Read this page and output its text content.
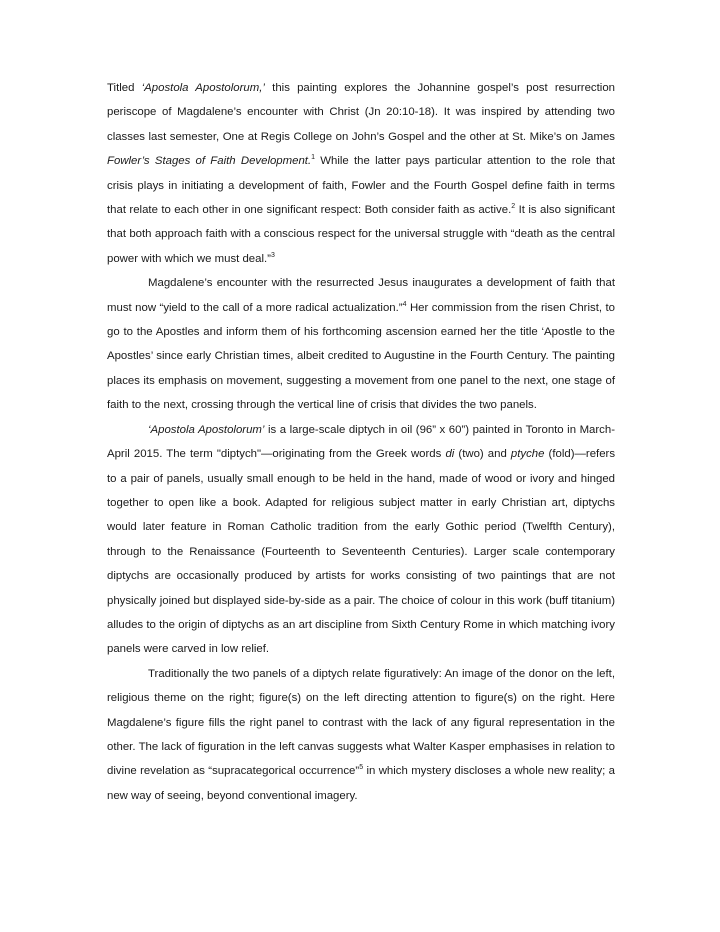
Titled ‘Apostola Apostolorum,’ this painting explores the Johannine gospel’s post resurrection periscope of Magdalene’s encounter with Christ (Jn 20:10-18). It was inspired by attending two classes last semester, One at Regis College on John’s Gospel and the other at St. Mike’s on James Fowler’s Stages of Faith Development.$^1$ While the latter pays particular attention to the role that crisis plays in initiating a development of faith, Fowler and the Fourth Gospel define faith in terms that relate to each other in one significant respect: Both consider faith as active.$^2$ It is also significant that both approach faith with a conscious respect for the universal struggle with “death as the central power with which we must deal.”$^3$

Magdalene’s encounter with the resurrected Jesus inaugurates a development of faith that must now “yield to the call of a more radical actualization.”$^4$ Her commission from the risen Christ, to go to the Apostles and inform them of his forthcoming ascension earned her the title ‘Apostle to the Apostles’ since early Christian times, albeit credited to Augustine in the Fourth Century. The painting places its emphasis on movement, suggesting a movement from one panel to the next, one stage of faith to the next, crossing through the vertical line of crisis that divides the two panels.

‘Apostola Apostolorum’ is a large-scale diptych in oil (96” x 60”) painted in Toronto in March-April 2015. The term "diptych"—originating from the Greek words di (two) and ptyche (fold)—refers to a pair of panels, usually small enough to be held in the hand, made of wood or ivory and hinged together to open like a book. Adapted for religious subject matter in early Christian art, diptychs would later feature in Roman Catholic tradition from the early Gothic period (Twelfth Century), through to the Renaissance (Fourteenth to Seventeenth Centuries). Larger scale contemporary diptychs are occasionally produced by artists for works consisting of two paintings that are not physically joined but displayed side-by-side as a pair. The choice of colour in this work (buff titanium) alludes to the origin of diptychs as an art discipline from Sixth Century Rome in which matching ivory panels were carved in low relief.

Traditionally the two panels of a diptych relate figuratively: An image of the donor on the left, religious theme on the right; figure(s) on the left directing attention to figure(s) on the right. Here Magdalene’s figure fills the right panel to contrast with the lack of any figural representation in the other. The lack of figuration in the left canvas suggests what Walter Kasper emphasises in relation to divine revelation as “supracategorical occurrence”$^5$ in which mystery discloses a whole new reality; a new way of seeing, beyond conventional imagery.
